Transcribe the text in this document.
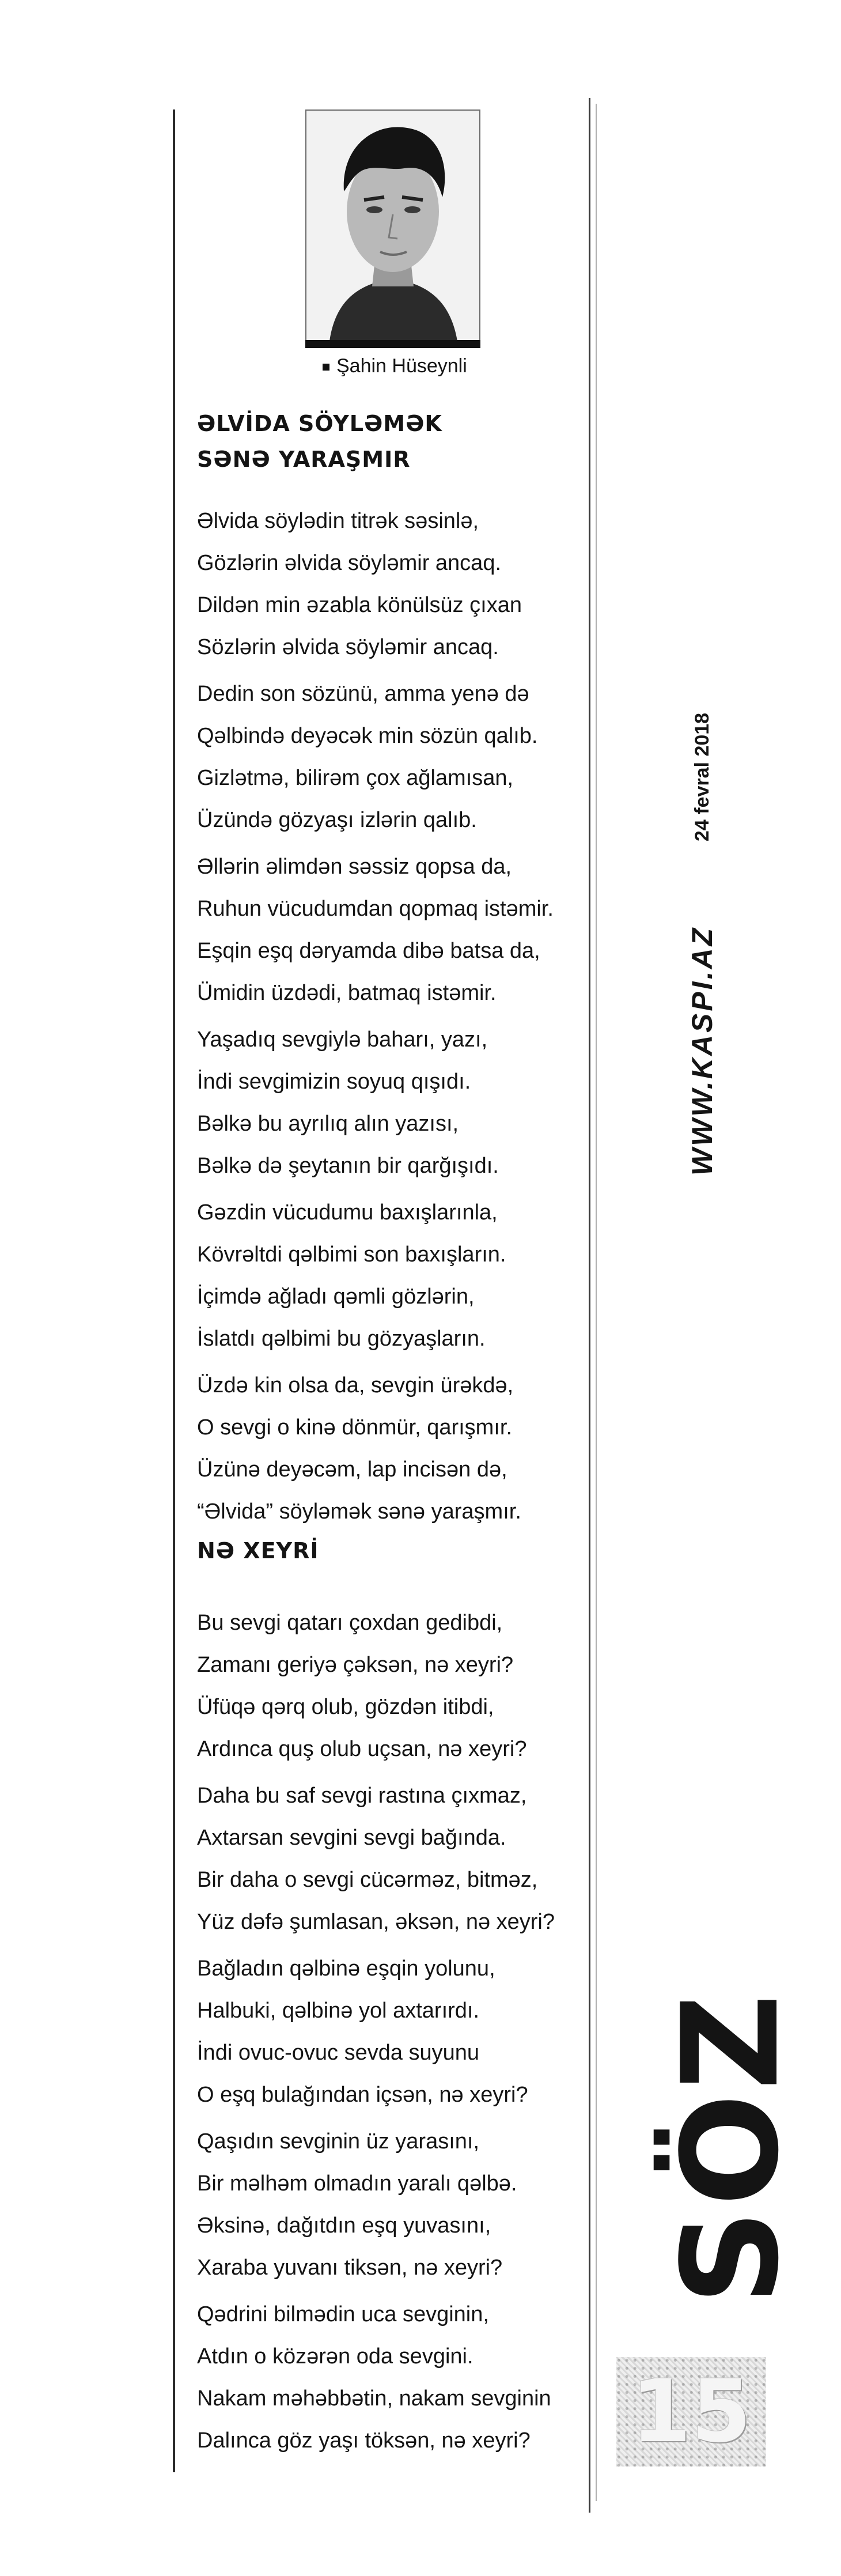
Şahin Hüseynli
ƏLVİDA SÖYLƏMƏK
SƏNƏ YARAŞMIR
Əlvida söylədin titrək səsinlə,
Gözlərin əlvida söyləmir ancaq.
Dildən min əzabla könülsüz çıxan
Sözlərin əlvida söyləmir ancaq.
Dedin son sözünü, amma yenə də
Qəlbində deyəcək min sözün qalıb.
Gizlətmə, bilirəm çox ağlamısan,
Üzündə gözyaşı izlərin qalıb.
Əllərin əlimdən səssiz qopsa da,
Ruhun vücudumdan qopmaq istəmir.
Eşqin eşq dəryamda dibə batsa da,
Ümidin üzdədi, batmaq istəmir.
Yaşadıq sevgiylə baharı, yazı,
İndi sevgimizin soyuq qışıdı.
Bəlkə bu ayrılıq alın yazısı,
Bəlkə də şeytanın bir qarğışıdı.
Gəzdin vücudumu baxışlarınla,
Kövrəltdi qəlbimi son baxışların.
İçimdə ağladı qəmli gözlərin,
İslatdı qəlbimi bu gözyaşların.
Üzdə kin olsa da, sevgin ürəkdə,
O sevgi o kinə dönmür, qarışmır.
Üzünə deyəcəm, lap incisən də,
“Əlvida” söyləmək sənə yaraşmır.
NƏ XEYRİ
Bu sevgi qatarı çoxdan gedibdi,
Zamanı geriyə çəksən, nə xeyri?
Üfüqə qərq olub, gözdən itibdi,
Ardınca quş olub uçsan, nə xeyri?
Daha bu saf sevgi rastına çıxmaz,
Axtarsan sevgini sevgi bağında.
Bir daha o sevgi cücərməz, bitməz,
Yüz dəfə şumlasan, əksən, nə xeyri?
Bağladın qəlbinə eşqin yolunu,
Halbuki, qəlbinə yol axtarırdı.
İndi ovuc-ovuc sevda suyunu
O eşq bulağından içsən, nə xeyri?
Qaşıdın sevginin üz yarasını,
Bir məlhəm olmadın yaralı qəlbə.
Əksinə, dağıtdın eşq yuvasını,
Xaraba yuvanı tiksən, nə xeyri?
Qədrini bilmədin uca sevginin,
Atdın o közərən oda sevgini.
Nakam məhəbbətin, nakam sevginin
Dalınca göz yaşı töksən, nə xeyri?
24 fevral 2018
WWW.KASPI.AZ
SÖZ
15
